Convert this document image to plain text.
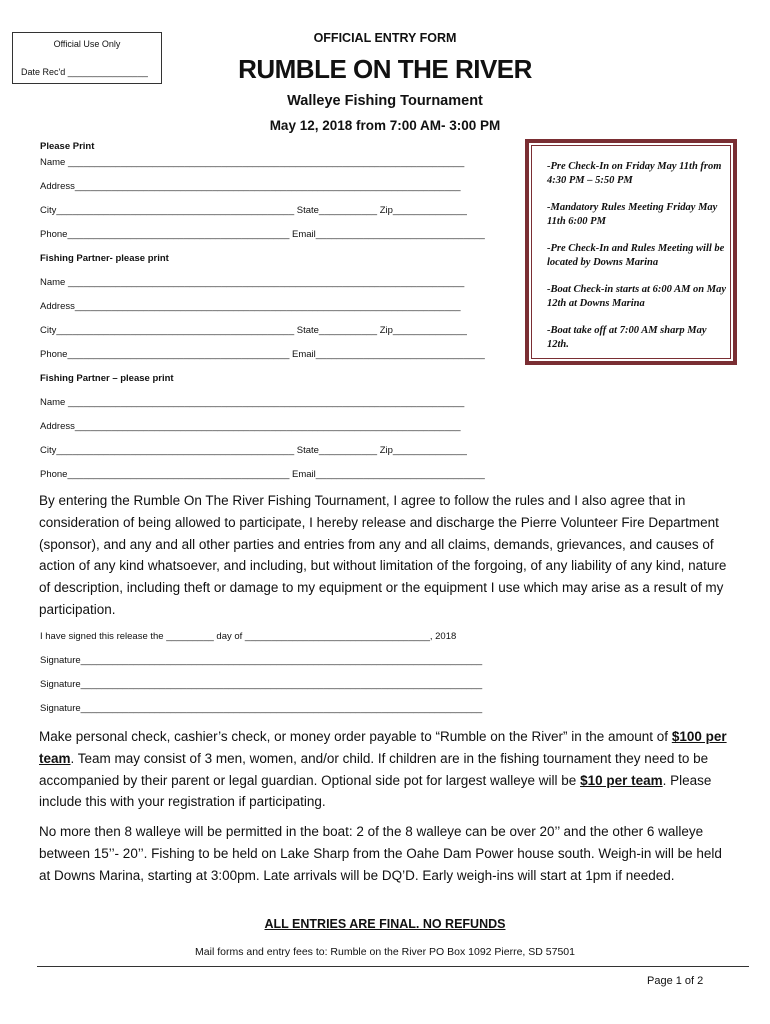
Official Use Only
Date Rec'd ________________
OFFICIAL ENTRY FORM
RUMBLE ON THE RIVER
Walleye Fishing Tournament
May 12, 2018 from 7:00 AM- 3:00 PM
Please Print
Name ___________________________________________________________________________
Address_________________________________________________________________________
City_____________________________________________ State___________ Zip______________
Phone__________________________________________ Email________________________________
Fishing Partner- please print
Name ___________________________________________________________________________
Address_________________________________________________________________________
City_____________________________________________ State___________ Zip______________
Phone__________________________________________ Email________________________________
Fishing Partner – please print
Name ___________________________________________________________________________
Address_________________________________________________________________________
City_____________________________________________ State___________ Zip______________
Phone__________________________________________ Email________________________________
-Pre Check-In on Friday May 11th from 4:30 PM – 5:50 PM
-Mandatory Rules Meeting Friday May 11th 6:00 PM
-Pre Check-In and Rules Meeting will be located by Downs Marina
-Boat Check-in starts at 6:00 AM on May 12th at Downs Marina
-Boat take off at 7:00 AM sharp May 12th.
By entering the Rumble On The River Fishing Tournament, I agree to follow the rules and I also agree that in consideration of being allowed to participate, I hereby release and discharge the Pierre Volunteer Fire Department (sponsor), and any and all other parties and entries from any and all claims, demands, grievances, and causes of action of any kind whatsoever, and including, but without limitation of the forgoing, of any liability of any kind, nature of description, including theft or damage to my equipment or the equipment I use which may arise as a result of my participation.
I have signed this release the _________ day of ___________________________________, 2018
Signature____________________________________________________________________________
Signature____________________________________________________________________________
Signature____________________________________________________________________________
Make personal check, cashier’s check, or money order payable to “Rumble on the River” in the amount of $100 per team. Team may consist of 3 men, women, and/or child. If children are in the fishing tournament they need to be accompanied by their parent or legal guardian. Optional side pot for largest walleye will be $10 per team. Please include this with your registration if participating.
No more then 8 walleye will be permitted in the boat: 2 of the 8 walleye can be over 20’’ and the other 6 walleye between 15’’- 20’’. Fishing to be held on Lake Sharp from the Oahe Dam Power house south. Weigh-in will be held at Downs Marina, starting at 3:00pm. Late arrivals will be DQ’D. Early weigh-ins will start at 1pm if needed.
ALL ENTRIES ARE FINAL. NO REFUNDS
Mail forms and entry fees to: Rumble on the River PO Box 1092 Pierre, SD 57501
Page 1 of 2
